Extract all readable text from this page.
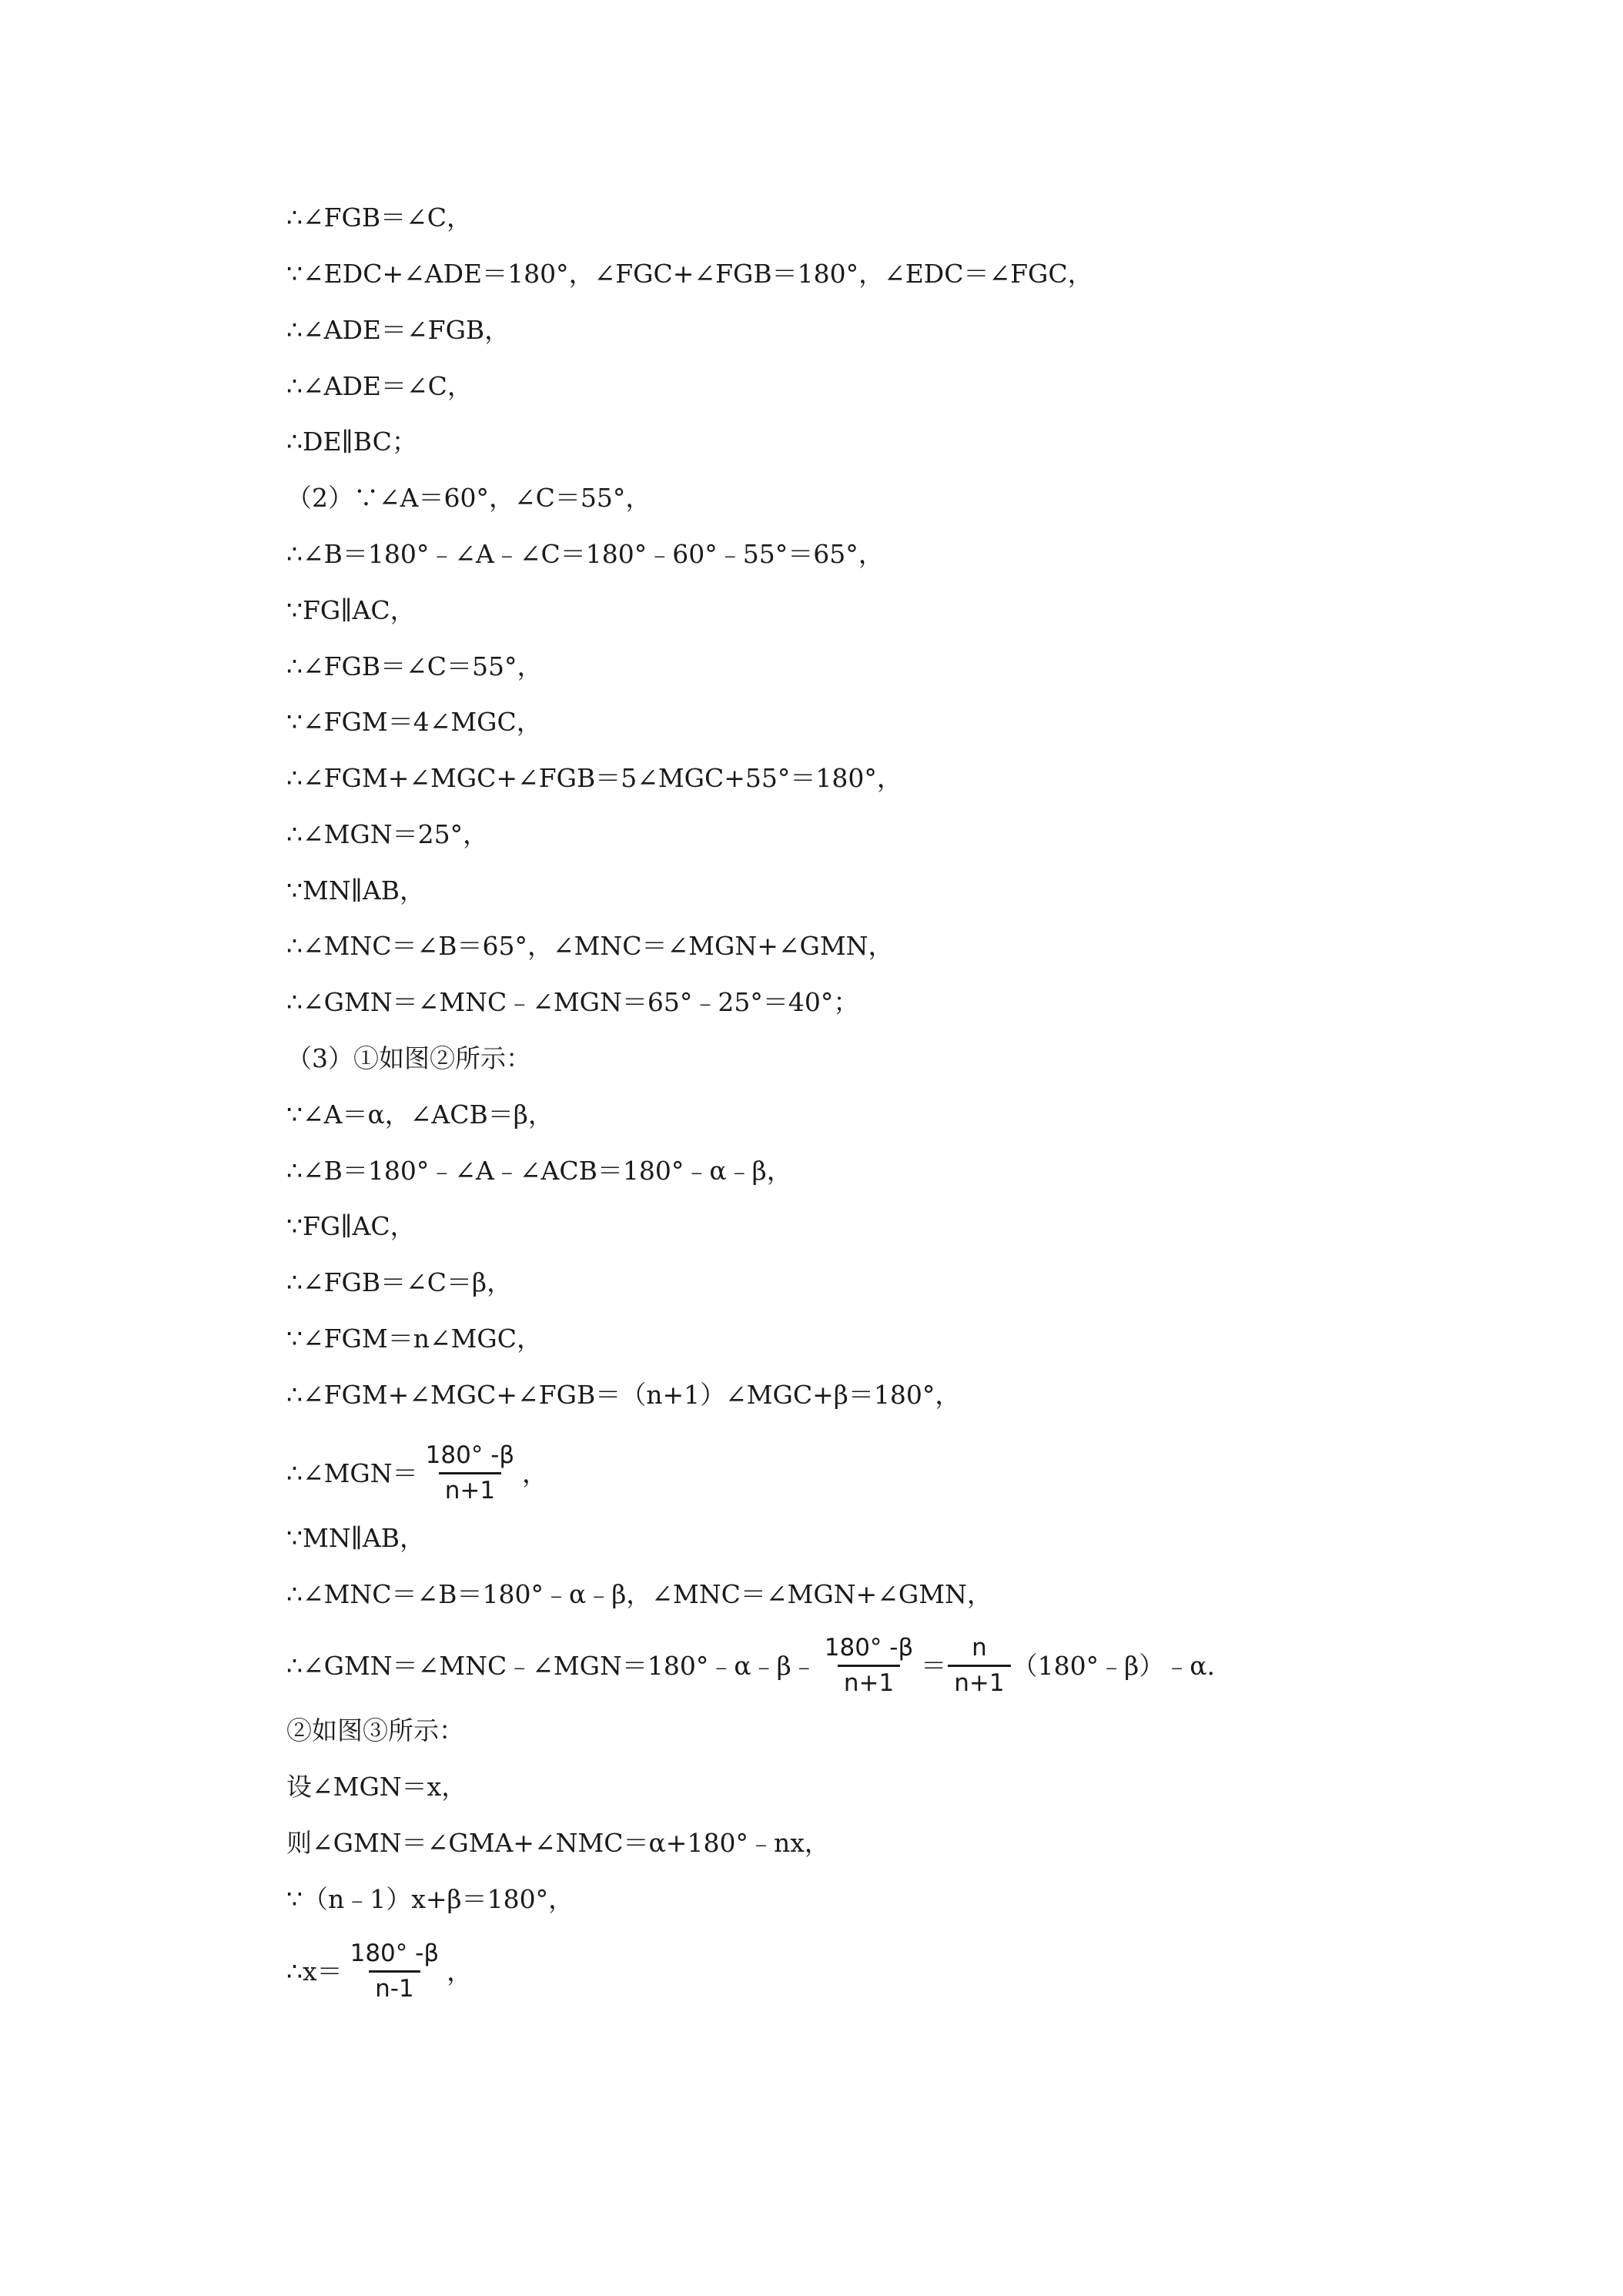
∴∠FGB＝∠C，
∵∠EDC+∠ADE＝180°，∠FGC+∠FGB＝180°，∠EDC＝∠FGC，
∴∠ADE＝∠FGB，
∴∠ADE＝∠C，
∴DE∥BC；
（2）∵∠A＝60°，∠C＝55°，
∴∠B＝180°﹣∠A﹣∠C＝180°﹣60°﹣55°＝65°，
∵FG∥AC，
∴∠FGB＝∠C＝55°，
∵∠FGM＝4∠MGC，
∴∠FGM+∠MGC+∠FGB＝5∠MGC+55°＝180°，
∴∠MGN＝25°，
∵MN∥AB，
∴∠MNC＝∠B＝65°，∠MNC＝∠MGN+∠GMN，
∴∠GMN＝∠MNC﹣∠MGN＝65°﹣25°＝40°；
（3）①如图②所示：
∵∠A＝α，∠ACB＝β，
∴∠B＝180°﹣∠A﹣∠ACB＝180°﹣α﹣β，
∵FG∥AC，
∴∠FGB＝∠C＝β，
∵∠FGM＝n∠MGC，
∴∠FGM+∠MGC+∠FGB＝（n+1）∠MGC+β＝180°，
∴∠MGN＝ $\frac{180^\circ -\beta}{n+1}$ ，
∵MN∥AB，
∴∠MNC＝∠B＝180°﹣α﹣β，∠MNC＝∠MGN+∠GMN，
∴∠GMN＝∠MNC﹣∠MGN＝180°﹣α﹣β﹣ $\frac{180^\circ -\beta}{n+1} = \frac{n}{n+1}$ （180°﹣β）﹣α.
②如图③所示：
设∠MGN＝x，
则∠GMN＝∠GMA+∠NMC＝α+180°﹣nx，
∵（n﹣1）x+β＝180°，
∴x＝ $\frac{180^\circ -\beta}{n-1}$ ，
